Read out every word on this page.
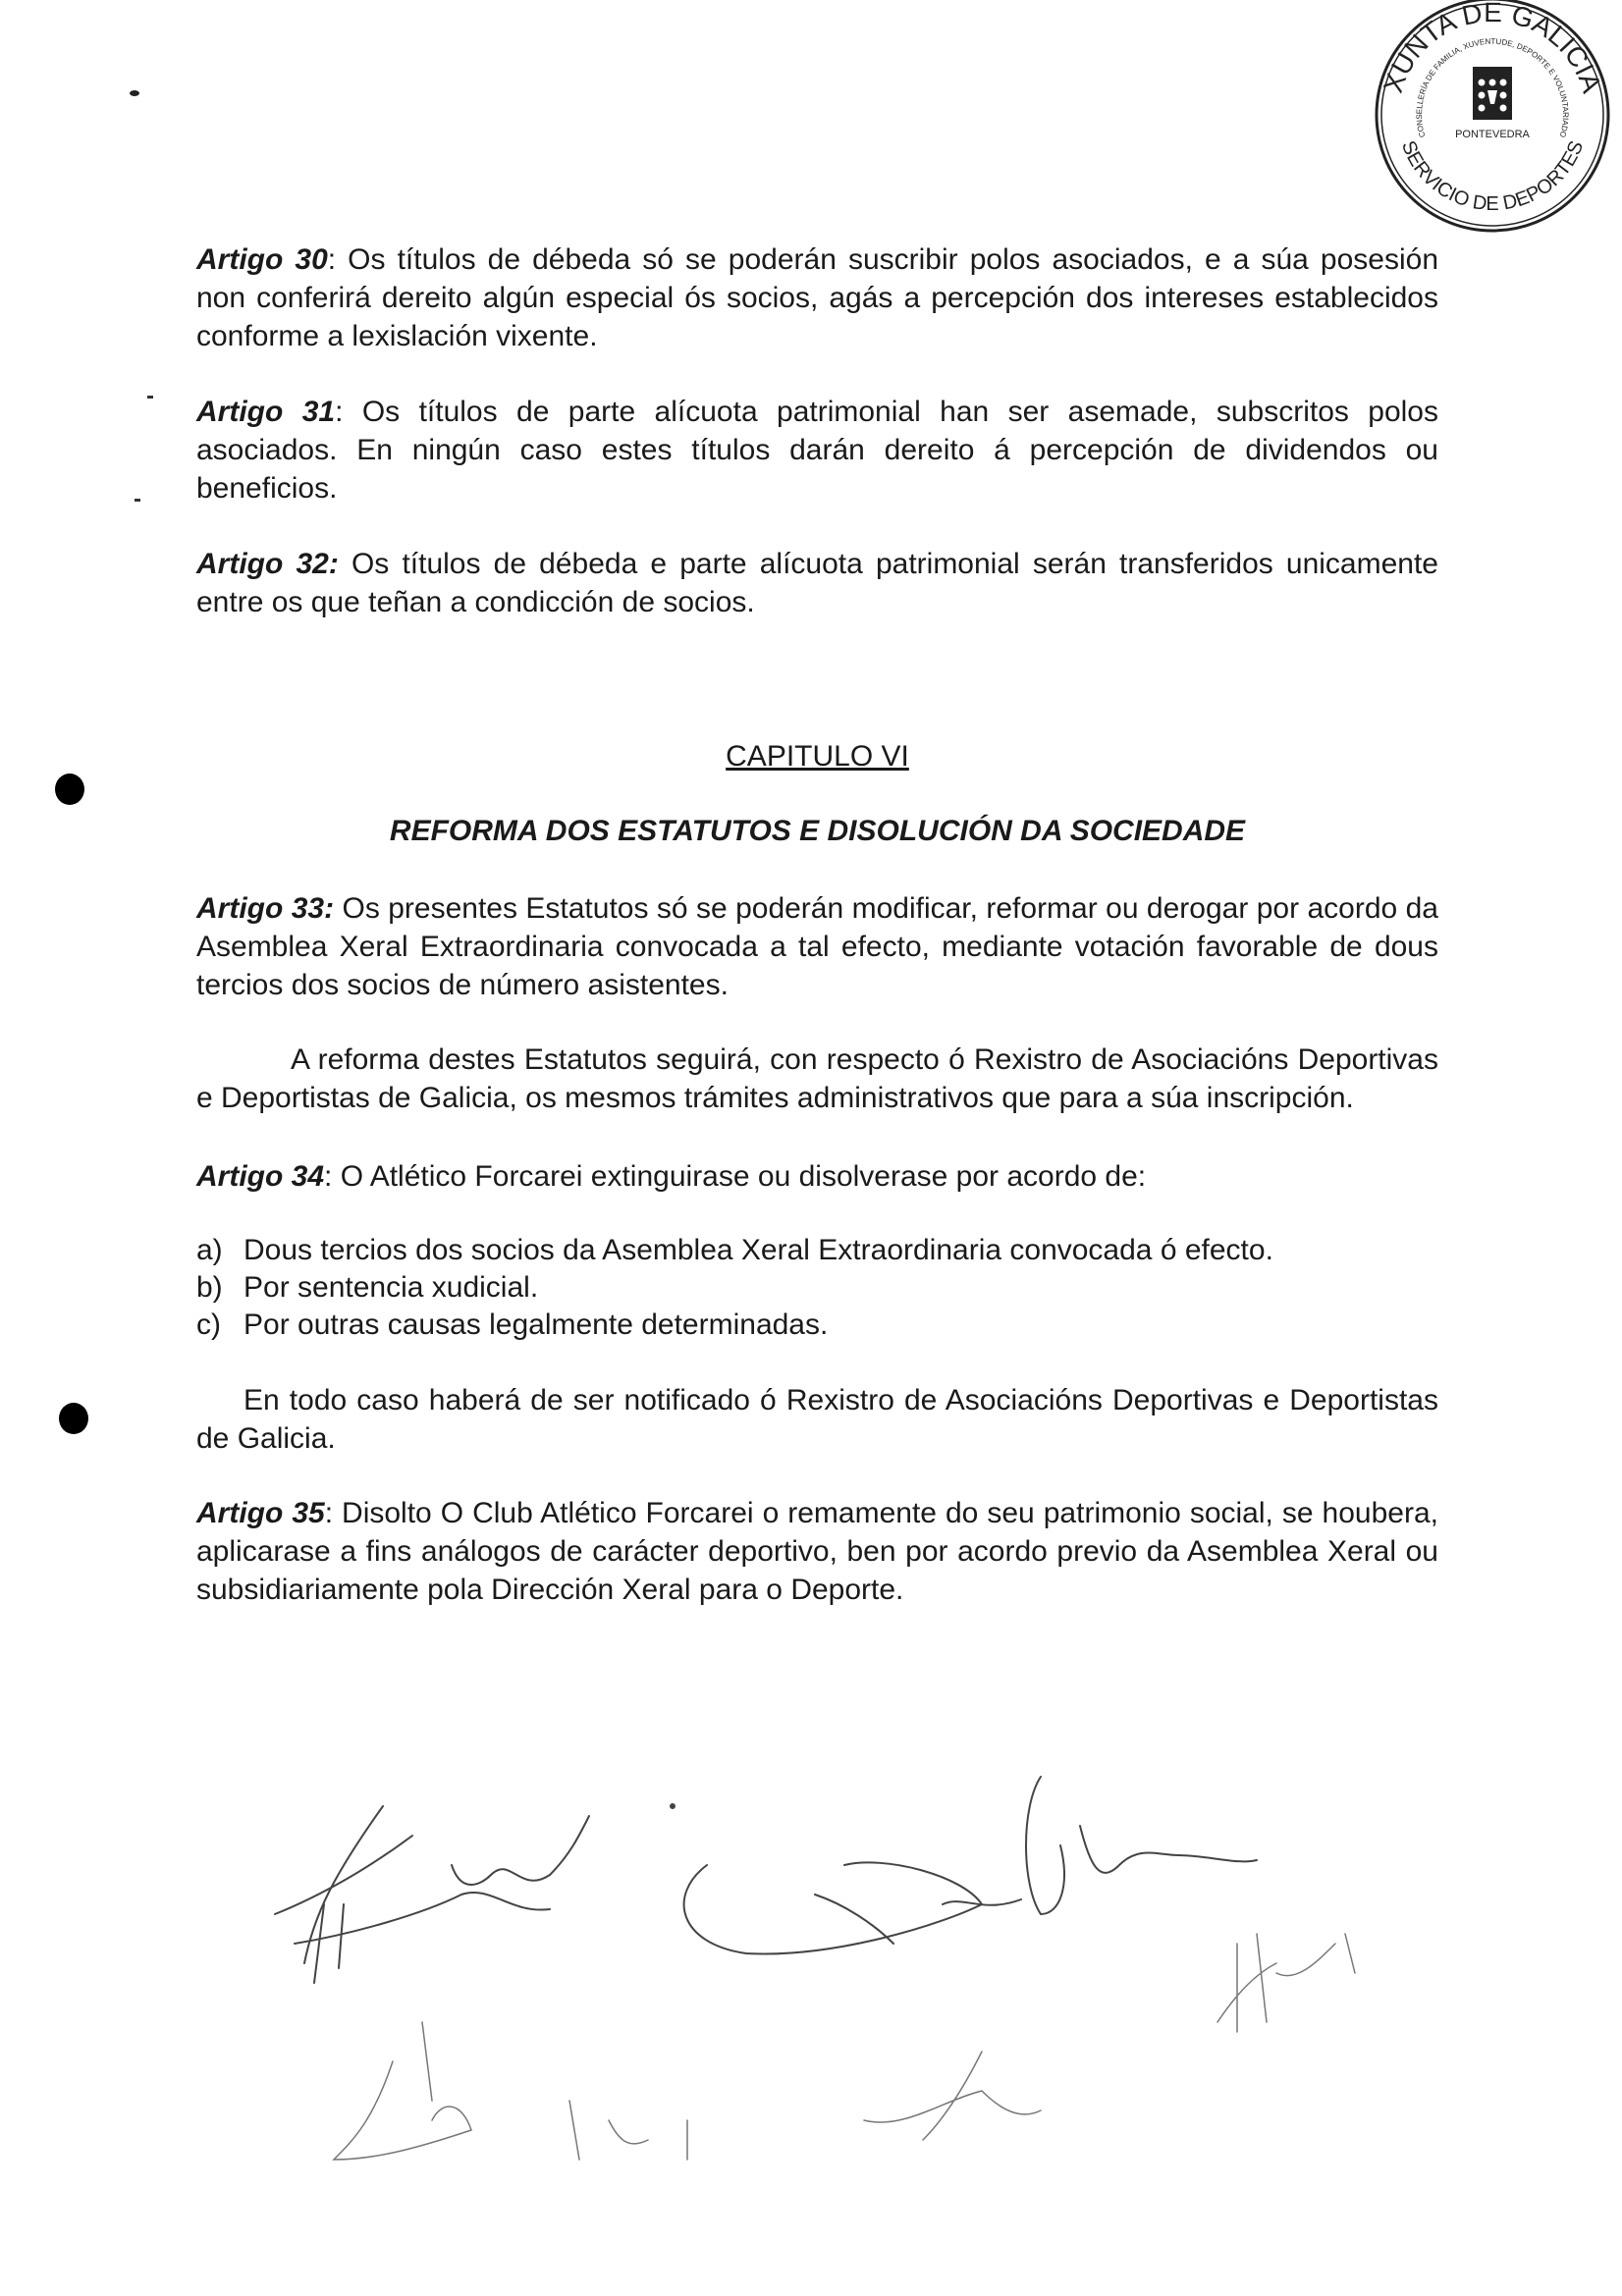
XUNTA DE GALICIA
SERVICIO DE DEPORTES
CONSELLERÍA DE FAMILIA, XUVENTUDE, DEPORTE E VOLUNTARIADO
PONTEVEDRA
Artigo 30: Os títulos de débeda só se poderán suscribir polos asociados, e a súa posesión non conferirá dereito algún especial ós socios, agás a percepción dos intereses establecidos conforme a lexislación vixente.
Artigo 31: Os títulos de parte alícuota patrimonial han ser asemade, subscritos polos asociados. En ningún caso estes títulos darán dereito á percepción de dividendos ou beneficios.
Artigo 32: Os títulos de débeda e parte alícuota patrimonial serán transferidos unicamente entre os que teñan a condicción de socios.
CAPITULO VI
REFORMA DOS ESTATUTOS E DISOLUCIÓN DA SOCIEDADE
Artigo 33: Os presentes Estatutos só se poderán modificar, reformar ou derogar por acordo da Asemblea Xeral Extraordinaria convocada a tal efecto, mediante votación favorable de dous tercios dos socios de número asistentes.
A reforma destes Estatutos seguirá, con respecto ó Rexistro de Asociacións Deportivas e Deportistas de Galicia, os mesmos trámites administrativos que para a súa inscripción.
Artigo 34: O Atlético Forcarei extinguirase ou disolverase por acordo de:
a) Dous tercios dos socios da Asemblea Xeral Extraordinaria convocada ó efecto.
b) Por sentencia xudicial.
c) Por outras causas legalmente determinadas.
En todo caso haberá de ser notificado ó Rexistro de Asociacións Deportivas e Deportistas de Galicia.
Artigo 35: Disolto O Club Atlético Forcarei o remamente do seu patrimonio social, se houbera, aplicarase a fins análogos de carácter deportivo, ben por acordo previo da Asemblea Xeral ou subsidiariamente pola Dirección Xeral para o Deporte.
